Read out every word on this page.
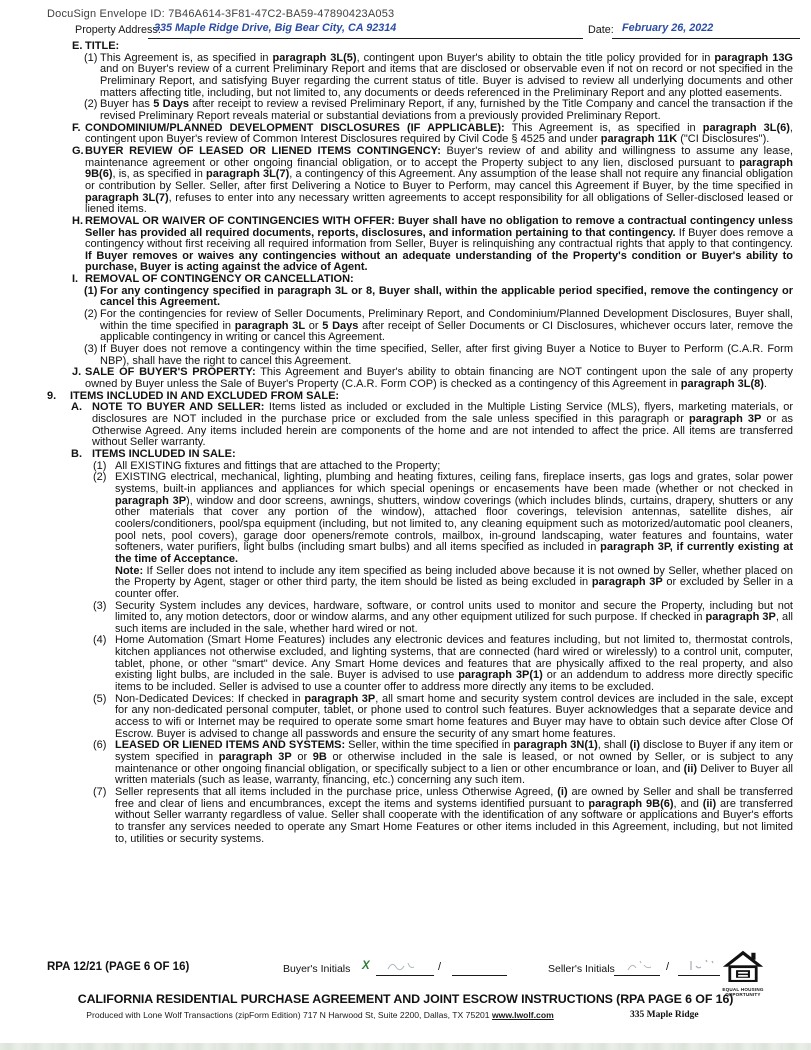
DocuSign Envelope ID: 7B46A614-3F81-47C2-BA59-47890423A053
Property Address:
335 Maple Ridge Drive, Big Bear City, CA 92314	Date: February 26, 2022
E. TITLE:
(1) This Agreement is, as specified in paragraph 3L(5), contingent upon Buyer's ability to obtain the title policy provided for in paragraph 13G and on Buyer's review of a current Preliminary Report and items that are disclosed or observable even if not on record or not specified in the Preliminary Report, and satisfying Buyer regarding the current status of title. Buyer is advised to review all underlying documents and other matters affecting title, including, but not limited to, any documents or deeds referenced in the Preliminary Report and any plotted easements.
(2) Buyer has 5 Days after receipt to review a revised Preliminary Report, if any, furnished by the Title Company and cancel the transaction if the revised Preliminary Report reveals material or substantial deviations from a previously provided Preliminary Report.
F. CONDOMINIUM/PLANNED DEVELOPMENT DISCLOSURES (IF APPLICABLE): This Agreement is, as specified in paragraph 3L(6), contingent upon Buyer's review of Common Interest Disclosures required by Civil Code § 4525 and under paragraph 11K ("CI Disclosures").
G. BUYER REVIEW OF LEASED OR LIENED ITEMS CONTINGENCY: Buyer's review of and ability and willingness to assume any lease, maintenance agreement or other ongoing financial obligation, or to accept the Property subject to any lien, disclosed pursuant to paragraph 9B(6), is, as specified in paragraph 3L(7), a contingency of this Agreement. Any assumption of the lease shall not require any financial obligation or contribution by Seller. Seller, after first Delivering a Notice to Buyer to Perform, may cancel this Agreement if Buyer, by the time specified in paragraph 3L(7), refuses to enter into any necessary written agreements to accept responsibility for all obligations of Seller-disclosed leased or liened items.
H. REMOVAL OR WAIVER OF CONTINGENCIES WITH OFFER: Buyer shall have no obligation to remove a contractual contingency unless Seller has provided all required documents, reports, disclosures, and information pertaining to that contingency. If Buyer does remove a contingency without first receiving all required information from Seller, Buyer is relinquishing any contractual rights that apply to that contingency. If Buyer removes or waives any contingencies without an adequate understanding of the Property's condition or Buyer's ability to purchase, Buyer is acting against the advice of Agent.
I. REMOVAL OF CONTINGENCY OR CANCELLATION:
(1) For any contingency specified in paragraph 3L or 8, Buyer shall, within the applicable period specified, remove the contingency or cancel this Agreement.
(2) For the contingencies for review of Seller Documents, Preliminary Report, and Condominium/Planned Development Disclosures, Buyer shall, within the time specified in paragraph 3L or 5 Days after receipt of Seller Documents or CI Disclosures, whichever occurs later, remove the applicable contingency in writing or cancel this Agreement.
(3) If Buyer does not remove a contingency within the time specified, Seller, after first giving Buyer a Notice to Buyer to Perform (C.A.R. Form NBP), shall have the right to cancel this Agreement.
J. SALE OF BUYER'S PROPERTY: This Agreement and Buyer's ability to obtain financing are NOT contingent upon the sale of any property owned by Buyer unless the Sale of Buyer's Property (C.A.R. Form COP) is checked as a contingency of this Agreement in paragraph 3L(8).
9. ITEMS INCLUDED IN AND EXCLUDED FROM SALE:
A. NOTE TO BUYER AND SELLER: Items listed as included or excluded in the Multiple Listing Service (MLS), flyers, marketing materials, or disclosures are NOT included in the purchase price or excluded from the sale unless specified in this paragraph or paragraph 3P or as Otherwise Agreed. Any items included herein are components of the home and are not intended to affect the price. All items are transferred without Seller warranty.
B. ITEMS INCLUDED IN SALE:
(1) All EXISTING fixtures and fittings that are attached to the Property;
(2) EXISTING electrical, mechanical, lighting, plumbing and heating fixtures, ceiling fans, fireplace inserts, gas logs and grates, solar power systems, built-in appliances and appliances for which special openings or encasements have been made (whether or not checked in paragraph 3P), window and door screens, awnings, shutters, window coverings (which includes blinds, curtains, drapery, shutters or any other materials that cover any portion of the window), attached floor coverings, television antennas, satellite dishes, air coolers/conditioners, pool/spa equipment (including, but not limited to, any cleaning equipment such as motorized/automatic pool cleaners, pool nets, pool covers), garage door openers/remote controls, mailbox, in-ground landscaping, water features and fountains, water softeners, water purifiers, light bulbs (including smart bulbs) and all items specified as included in paragraph 3P, if currently existing at the time of Acceptance.
Note: If Seller does not intend to include any item specified as being included above because it is not owned by Seller, whether placed on the Property by Agent, stager or other third party, the item should be listed as being excluded in paragraph 3P or excluded by Seller in a counter offer.
(3) Security System includes any devices, hardware, software, or control units used to monitor and secure the Property, including but not limited to, any motion detectors, door or window alarms, and any other equipment utilized for such purpose. If checked in paragraph 3P, all such items are included in the sale, whether hard wired or not.
(4) Home Automation (Smart Home Features) includes any electronic devices and features including, but not limited to, thermostat controls, kitchen appliances not otherwise excluded, and lighting systems, that are connected (hard wired or wirelessly) to a control unit, computer, tablet, phone, or other "smart" device. Any Smart Home devices and features that are physically affixed to the real property, and also existing light bulbs, are included in the sale. Buyer is advised to use paragraph 3P(1) or an addendum to address more directly specific items to be included. Seller is advised to use a counter offer to address more directly any items to be excluded.
(5) Non-Dedicated Devices: If checked in paragraph 3P, all smart home and security system control devices are included in the sale, except for any non-dedicated personal computer, tablet, or phone used to control such features. Buyer acknowledges that a separate device and access to wifi or Internet may be required to operate some smart home features and Buyer may have to obtain such device after Close Of Escrow. Buyer is advised to change all passwords and ensure the security of any smart home features.
(6) LEASED OR LIENED ITEMS AND SYSTEMS: Seller, within the time specified in paragraph 3N(1), shall (i) disclose to Buyer if any item or system specified in paragraph 3P or 9B or otherwise included in the sale is leased, or not owned by Seller, or is subject to any maintenance or other ongoing financial obligation, or specifically subject to a lien or other encumbrance or loan, and (ii) Deliver to Buyer all written materials (such as lease, warranty, financing, etc.) concerning any such item.
(7) Seller represents that all items included in the purchase price, unless Otherwise Agreed, (i) are owned by Seller and shall be transferred free and clear of liens and encumbrances, except the items and systems identified pursuant to paragraph 9B(6), and (ii) are transferred without Seller warranty regardless of value. Seller shall cooperate with the identification of any software or applications and Buyer's efforts to transfer any services needed to operate any Smart Home Features or other items included in this Agreement, including, but not limited to, utilities or security systems.
RPA 12/21 (PAGE 6 OF 16)	Buyer's Initials X	/	Seller's Initials	/
EQUAL HOUSING
OPPORTUNITY
CALIFORNIA RESIDENTIAL PURCHASE AGREEMENT AND JOINT ESCROW INSTRUCTIONS (RPA PAGE 6 OF 16)
Produced with Lone Wolf Transactions (zipForm Edition) 717 N Harwood St, Suite 2200, Dallas, TX 75201 www.lwolf.com	335 Maple Ridge
